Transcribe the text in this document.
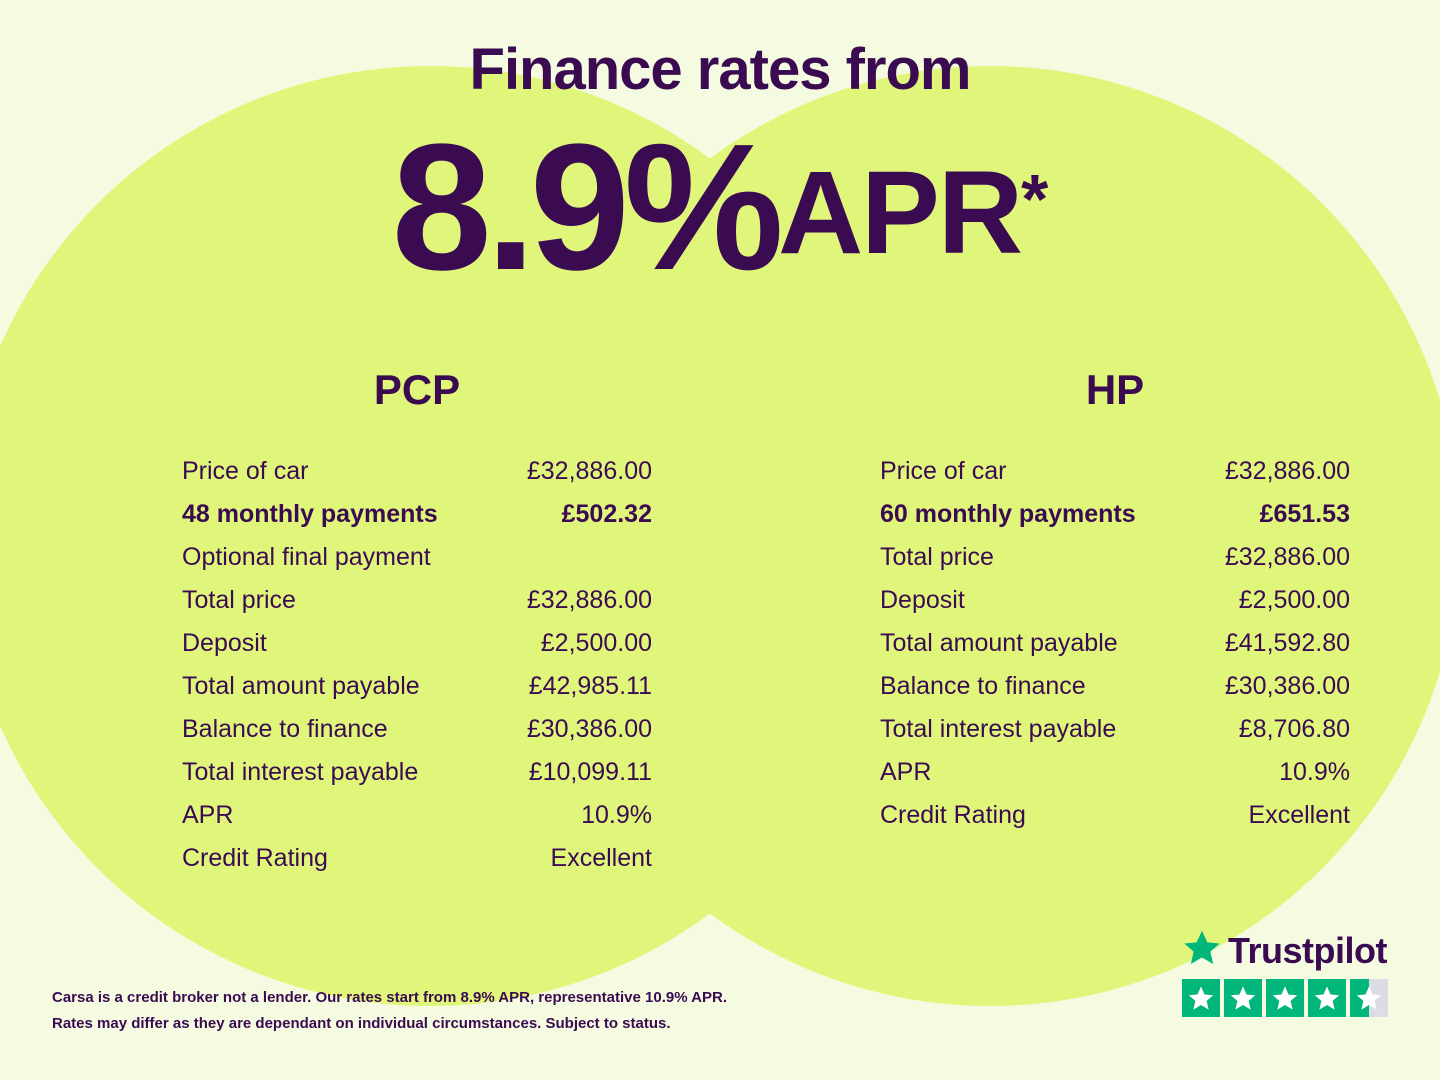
Finance rates from
8.9%APR*
PCP
Price of car	£32,886.00
48 monthly payments	£502.32
Optional final payment
Total price	£32,886.00
Deposit	£2,500.00
Total amount payable	£42,985.11
Balance to finance	£30,386.00
Total interest payable	£10,099.11
APR	10.9%
Credit Rating	Excellent
HP
Price of car	£32,886.00
60 monthly payments	£651.53
Total price	£32,886.00
Deposit	£2,500.00
Total amount payable	£41,592.80
Balance to finance	£30,386.00
Total interest payable	£8,706.80
APR	10.9%
Credit Rating	Excellent
Carsa is a credit broker not a lender. Our rates start from 8.9% APR, representative 10.9% APR.
Rates may differ as they are dependant on individual circumstances. Subject to status.
Trustpilot
